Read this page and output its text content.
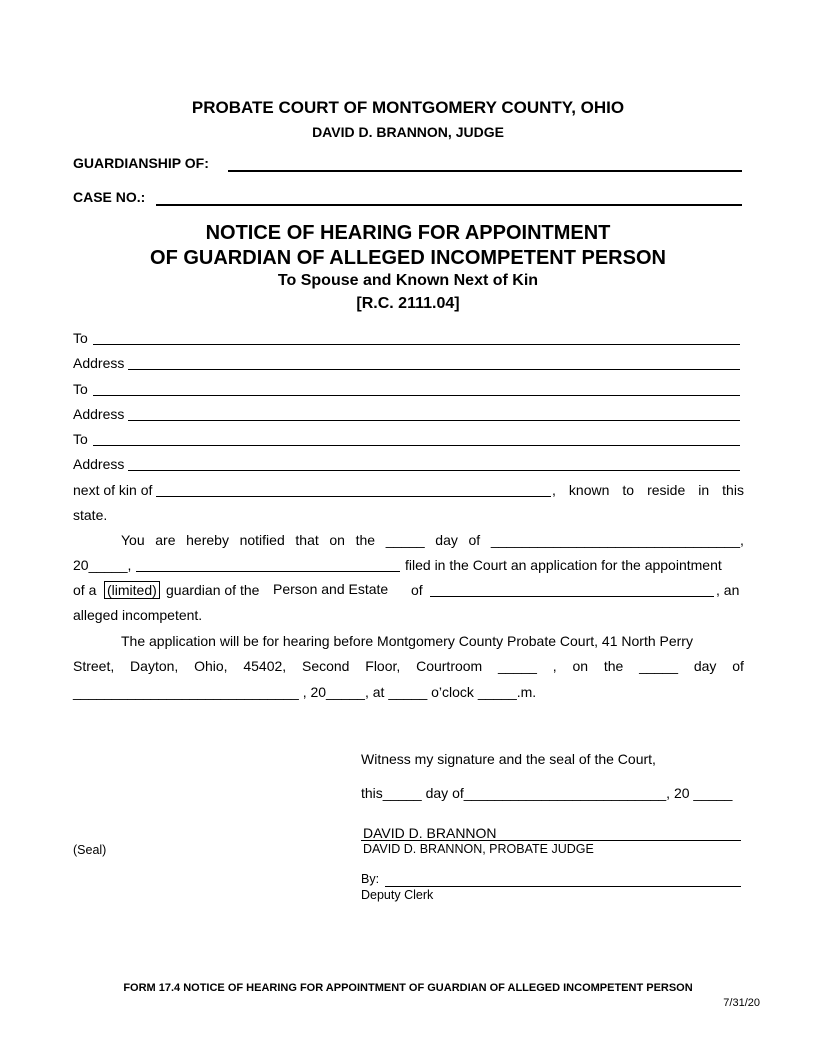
PROBATE COURT OF MONTGOMERY COUNTY, OHIO
DAVID D. BRANNON, JUDGE
GUARDIANSHIP OF:
CASE NO.:
NOTICE OF HEARING FOR APPOINTMENT
OF GUARDIAN OF ALLEGED INCOMPETENT PERSON
To Spouse and Known Next of Kin
[R.C. 2111.04]
To
Address
To
Address
To
Address
next of kin of	, known to reside in this
state.
You are hereby notified that on the _____ day of ________________________________,
20_____,	filed in the Court an application for the appointment
of a (limited) guardian of the Person and Estate of	, an
alleged incompetent.
The application will be for hearing before Montgomery County Probate Court, 41 North Perry
Street, Dayton, Ohio, 45402, Second Floor, Courtroom _____ , on the _____ day of
_____________________________ , 20_____, at _____ o’clock _____.m.
Witness my signature and the seal of the Court,
this_____ day of__________________________, 20 _____
DAVID D. BRANNON
DAVID D. BRANNON, PROBATE JUDGE
(Seal)
By:
Deputy Clerk
FORM 17.4 NOTICE OF HEARING FOR APPOINTMENT OF GUARDIAN OF ALLEGED INCOMPETENT PERSON
7/31/20
